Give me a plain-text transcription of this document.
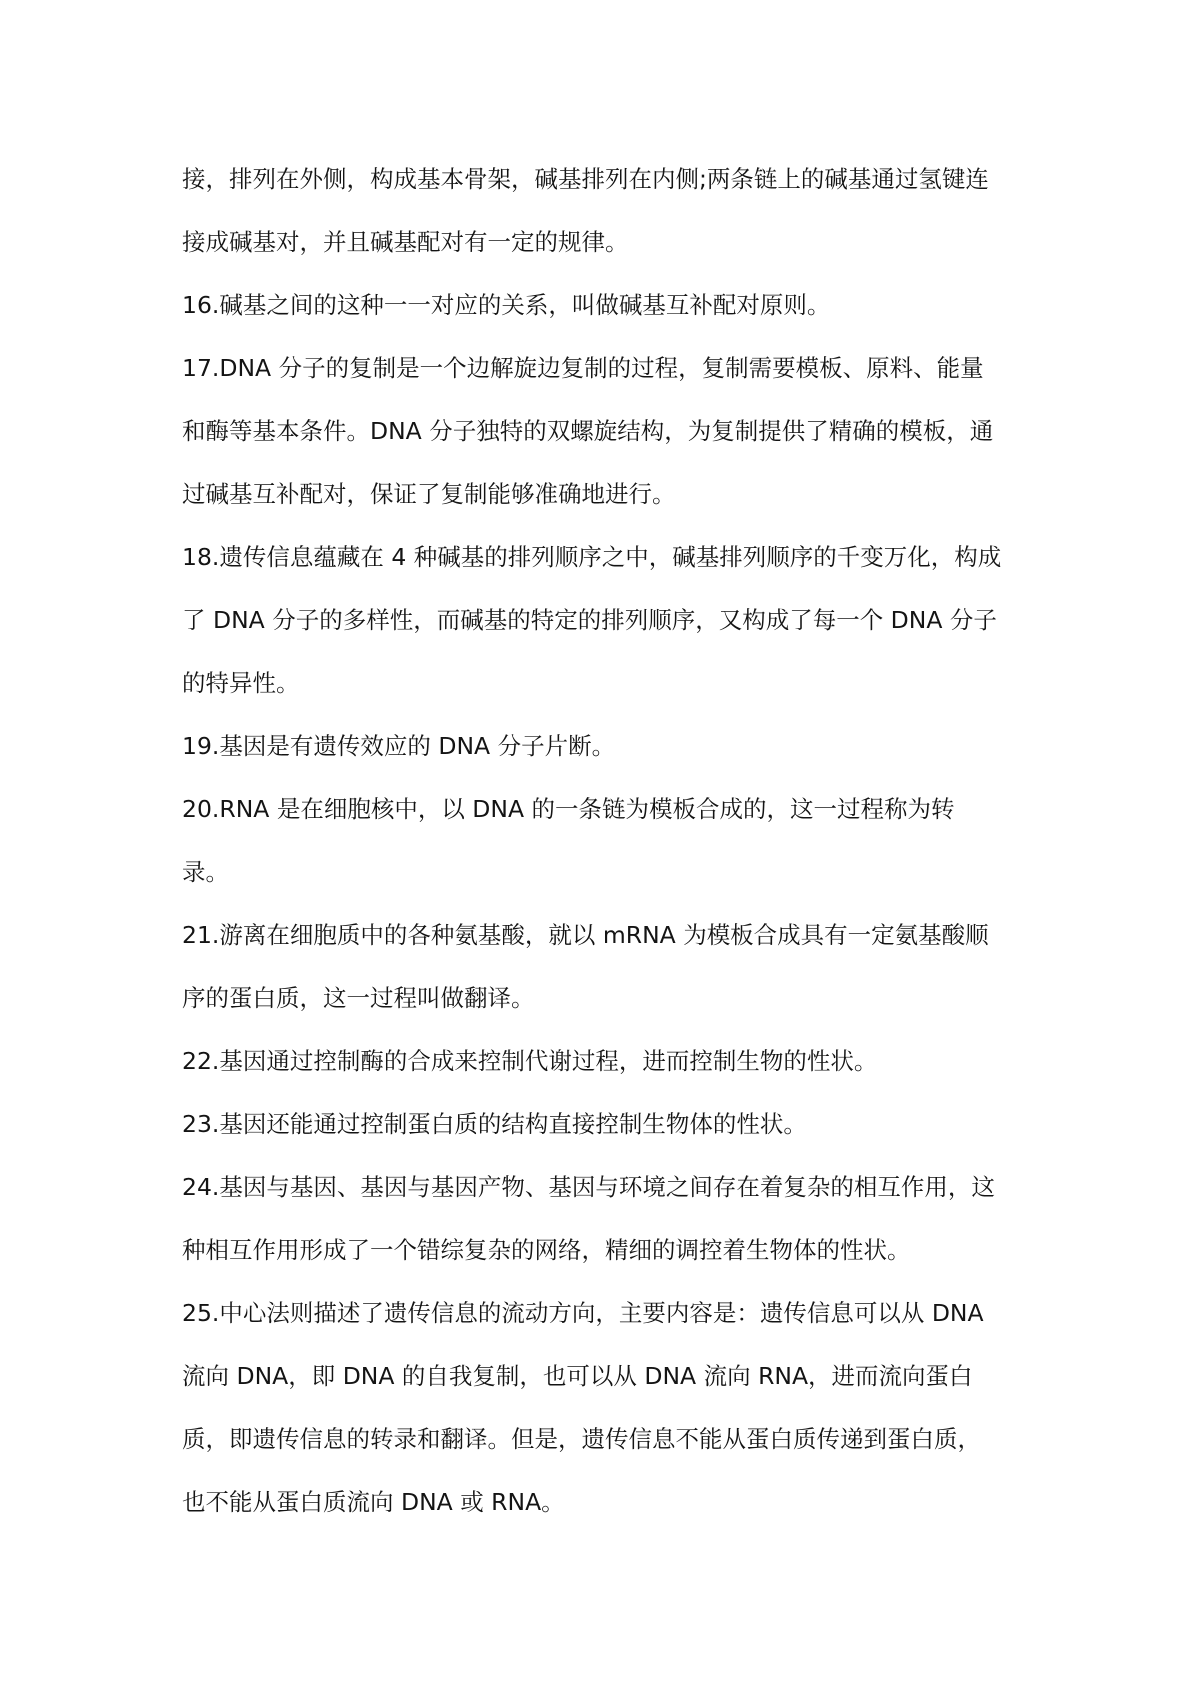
接，排列在外侧，构成基本骨架，碱基排列在内侧;两条链上的碱基通过氢键连
接成碱基对，并且碱基配对有一定的规律。

16.碱基之间的这种一一对应的关系，叫做碱基互补配对原则。

17.DNA 分子的复制是一个边解旋边复制的过程，复制需要模板、原料、能量
和酶等基本条件。DNA 分子独特的双螺旋结构，为复制提供了精确的模板，通
过碱基互补配对，保证了复制能够准确地进行。

18.遗传信息蕴藏在 4 种碱基的排列顺序之中，碱基排列顺序的千变万化，构成
了 DNA 分子的多样性，而碱基的特定的排列顺序，又构成了每一个 DNA 分子
的特异性。

19.基因是有遗传效应的 DNA 分子片断。

20.RNA 是在细胞核中，以 DNA 的一条链为模板合成的，这一过程称为转
录。

21.游离在细胞质中的各种氨基酸，就以 mRNA 为模板合成具有一定氨基酸顺
序的蛋白质，这一过程叫做翻译。

22.基因通过控制酶的合成来控制代谢过程，进而控制生物的性状。

23.基因还能通过控制蛋白质的结构直接控制生物体的性状。

24.基因与基因、基因与基因产物、基因与环境之间存在着复杂的相互作用，这
种相互作用形成了一个错综复杂的网络，精细的调控着生物体的性状。

25.中心法则描述了遗传信息的流动方向，主要内容是：遗传信息可以从 DNA
流向 DNA，即 DNA 的自我复制，也可以从 DNA 流向 RNA，进而流向蛋白
质，即遗传信息的转录和翻译。但是，遗传信息不能从蛋白质传递到蛋白质，
也不能从蛋白质流向 DNA 或 RNA。
